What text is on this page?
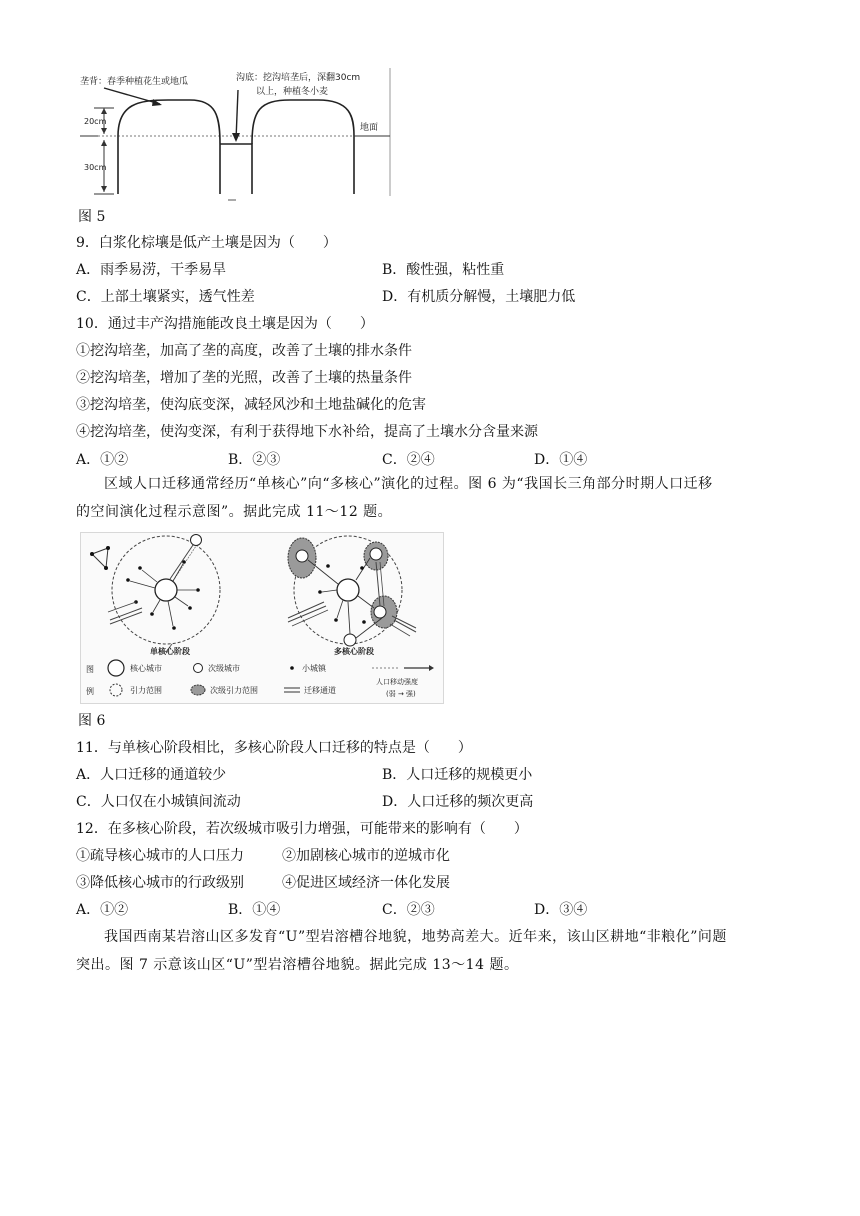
垄背：春季种植花生或地瓜	沟底：挖沟培垄后，深翻30cm
以上，种植冬小麦
20cm
30cm
地面
图 5
9．白浆化棕壤是低产土壤是因为（　　）
A．雨季易涝，干季易旱	B．酸性强，粘性重
C．上部土壤紧实，透气性差	D．有机质分解慢，土壤肥力低
10．通过丰产沟措施能改良土壤是因为（　　）
①挖沟培垄，加高了垄的高度，改善了土壤的排水条件
②挖沟培垄，增加了垄的光照，改善了土壤的热量条件
③挖沟培垄，使沟底变深，减轻风沙和土地盐碱化的危害
④挖沟培垄，使沟变深，有利于获得地下水补给，提高了土壤水分含量来源
A．①②	B．②③	C．②④	D．①④
区域人口迁移通常经历“单核心”向“多核心”演化的过程。图 6 为“我国长三角部分时期人口迁移
的空间演化过程示意图”。据此完成 11～12 题。
单核心阶段	多核心阶段
图
例
核心城市	次级城市	小城镇
人口移动强度
(弱 → 强)
引力范围	次级引力范围	迁移通道
图 6
11．与单核心阶段相比，多核心阶段人口迁移的特点是（　　）
A．人口迁移的通道较少	B．人口迁移的规模更小
C．人口仅在小城镇间流动	D．人口迁移的频次更高
12．在多核心阶段，若次级城市吸引力增强，可能带来的影响有（　　）
①疏导核心城市的人口压力	②加剧核心城市的逆城市化
③降低核心城市的行政级别	④促进区域经济一体化发展
A．①②	B．①④	C．②③	D．③④
我国西南某岩溶山区多发育“U”型岩溶槽谷地貌，地势高差大。近年来，该山区耕地“非粮化”问题
突出。图 7 示意该山区“U”型岩溶槽谷地貌。据此完成 13～14 题。
